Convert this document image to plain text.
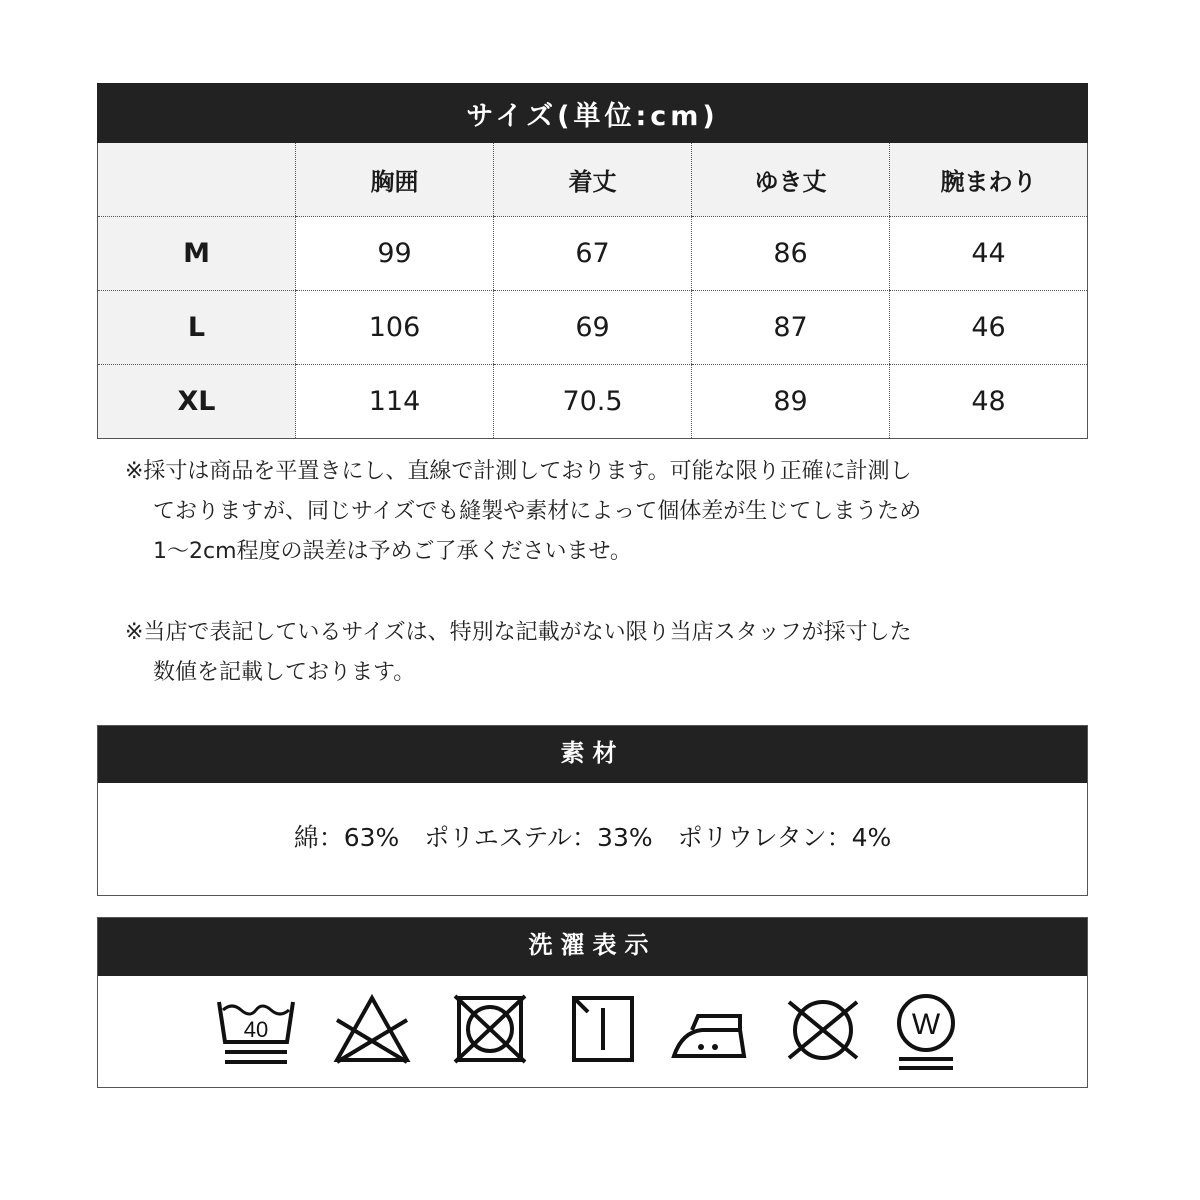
サイズ(単位:cm)				
	胸囲	着丈	ゆき丈	腕まわり
M	99	67	86	44
L	106	69	87	46
XL	114	70.5	89	48

※採寸は商品を平置きにし、直線で計測しております。可能な限り正確に計測し

ておりますが、同じサイズでも縫製や素材によって個体差が生じてしまうため

1〜2cm程度の誤差は予めご了承くださいませ。

※当店で表記しているサイズは、特別な記載がない限り当店スタッフが採寸した

数値を記載しております。

素材
綿：63%　ポリエステル：33%　ポリウレタン：4%
洗濯表示
40	W
